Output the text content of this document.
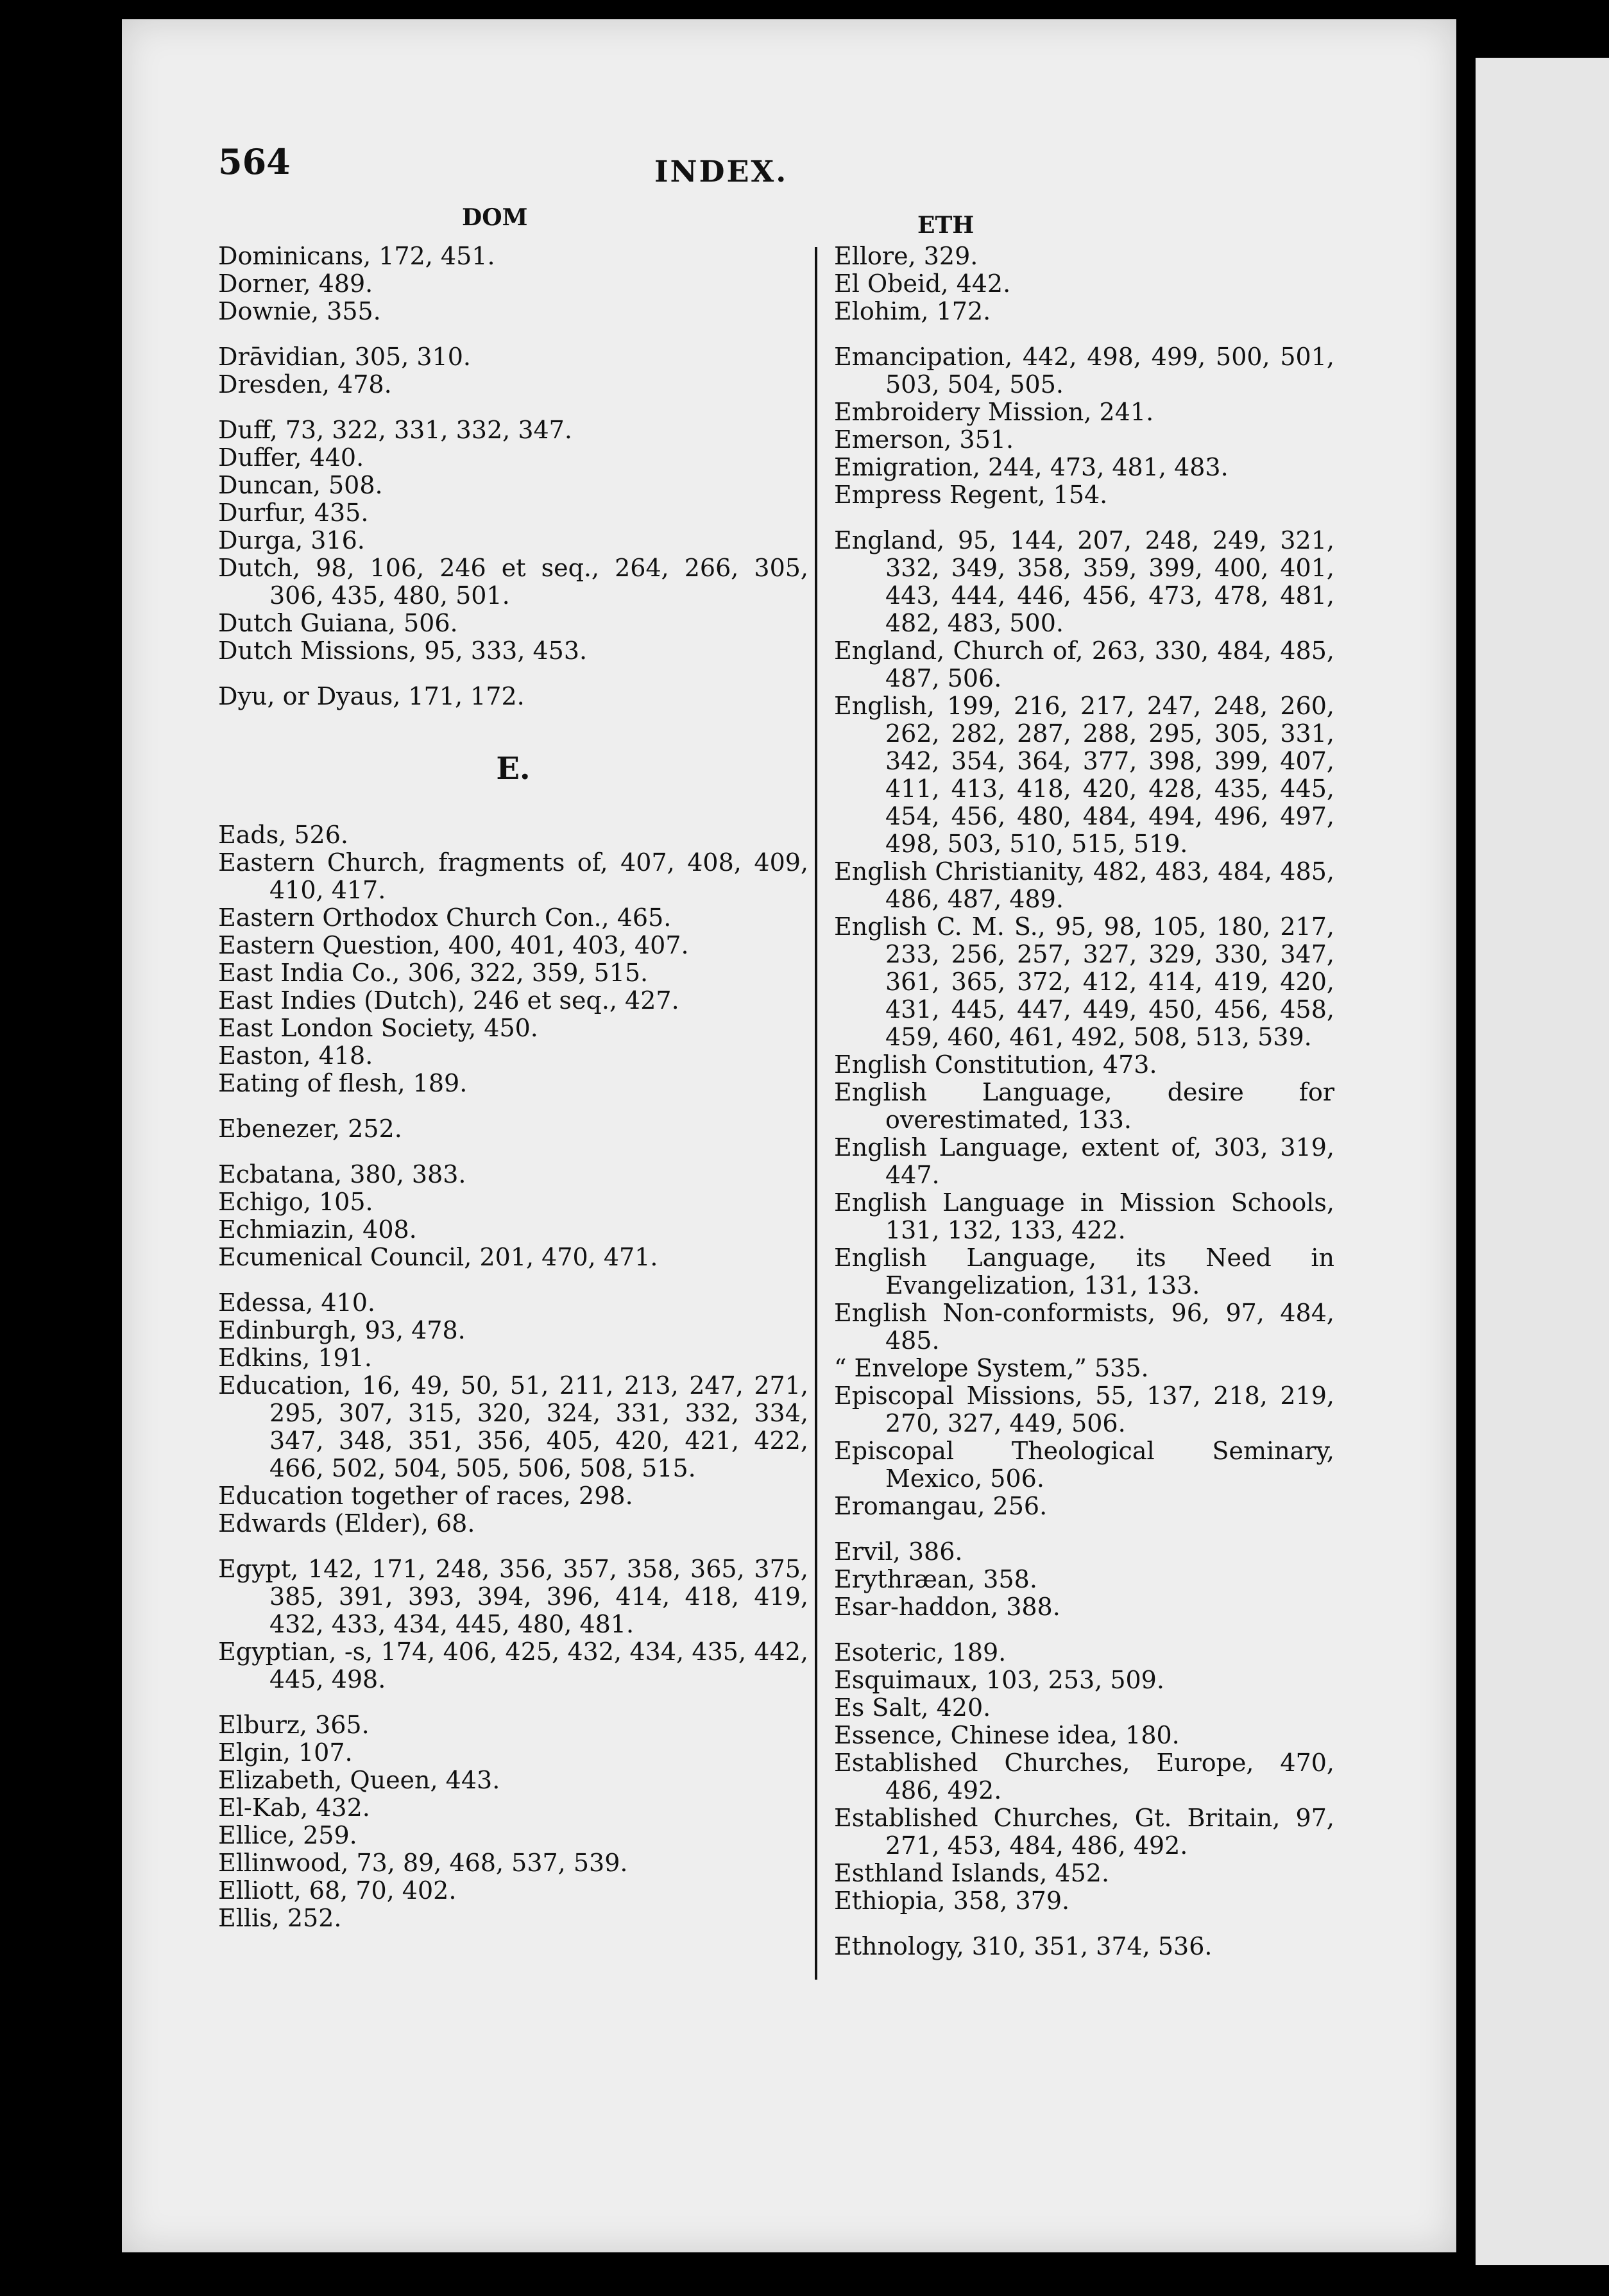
564	INDEX.
DOM	ETH

Dominicans, 172, 451.

Dorner, 489.

Downie, 355.

Drāvidian, 305, 310.

Dresden, 478.

Duff, 73, 322, 331, 332, 347.

Duffer, 440.

Duncan, 508.

Durfur, 435.

Durga, 316.

Dutch, 98, 106, 246 et seq., 264, 266, 305, 306, 435, 480, 501.

Dutch Guiana, 506.

Dutch Missions, 95, 333, 453.

Dyu, or Dyaus, 171, 172.

E.

Eads, 526.

Eastern Church, fragments of, 407, 408, 409, 410, 417.

Eastern Orthodox Church Con., 465.

Eastern Question, 400, 401, 403, 407.

East India Co., 306, 322, 359, 515.

East Indies (Dutch), 246 et seq., 427.

East London Society, 450.

Easton, 418.

Eating of flesh, 189.

Ebenezer, 252.

Ecbatana, 380, 383.

Echigo, 105.

Echmiazin, 408.

Ecumenical Council, 201, 470, 471.

Edessa, 410.

Edinburgh, 93, 478.

Edkins, 191.

Education, 16, 49, 50, 51, 211, 213, 247, 271, 295, 307, 315, 320, 324, 331, 332, 334, 347, 348, 351, 356, 405, 420, 421, 422, 466, 502, 504, 505, 506, 508, 515.

Education together of races, 298.

Edwards (Elder), 68.

Egypt, 142, 171, 248, 356, 357, 358, 365, 375, 385, 391, 393, 394, 396, 414, 418, 419, 432, 433, 434, 445, 480, 481.

Egyptian, -s, 174, 406, 425, 432, 434, 435, 442, 445, 498.

Elburz, 365.

Elgin, 107.

Elizabeth, Queen, 443.

El-Kab, 432.

Ellice, 259.

Ellinwood, 73, 89, 468, 537, 539.

Elliott, 68, 70, 402.

Ellis, 252.

Ellore, 329.

El Obeid, 442.

Elohim, 172.

Emancipation, 442, 498, 499, 500, 501, 503, 504, 505.

Embroidery Mission, 241.

Emerson, 351.

Emigration, 244, 473, 481, 483.

Empress Regent, 154.

England, 95, 144, 207, 248, 249, 321, 332, 349, 358, 359, 399, 400, 401, 443, 444, 446, 456, 473, 478, 481, 482, 483, 500.

England, Church of, 263, 330, 484, 485, 487, 506.

English, 199, 216, 217, 247, 248, 260, 262, 282, 287, 288, 295, 305, 331, 342, 354, 364, 377, 398, 399, 407, 411, 413, 418, 420, 428, 435, 445, 454, 456, 480, 484, 494, 496, 497, 498, 503, 510, 515, 519.

English Christianity, 482, 483, 484, 485, 486, 487, 489.

English C. M. S., 95, 98, 105, 180, 217, 233, 256, 257, 327, 329, 330, 347, 361, 365, 372, 412, 414, 419, 420, 431, 445, 447, 449, 450, 456, 458, 459, 460, 461, 492, 508, 513, 539.

English Constitution, 473.

English Language, desire for overestimated, 133.

English Language, extent of, 303, 319, 447.

English Language in Mission Schools, 131, 132, 133, 422.

English Language, its Need in Evangelization, 131, 133.

English Non-conformists, 96, 97, 484, 485.

“ Envelope System,” 535.

Episcopal Missions, 55, 137, 218, 219, 270, 327, 449, 506.

Episcopal Theological Seminary, Mexico, 506.

Eromangau, 256.

Ervil, 386.

Erythræan, 358.

Esar-haddon, 388.

Esoteric, 189.

Esquimaux, 103, 253, 509.

Es Salt, 420.

Essence, Chinese idea, 180.

Established Churches, Europe, 470, 486, 492.

Established Churches, Gt. Britain, 97, 271, 453, 484, 486, 492.

Esthland Islands, 452.

Ethiopia, 358, 379.

Ethnology, 310, 351, 374, 536.
